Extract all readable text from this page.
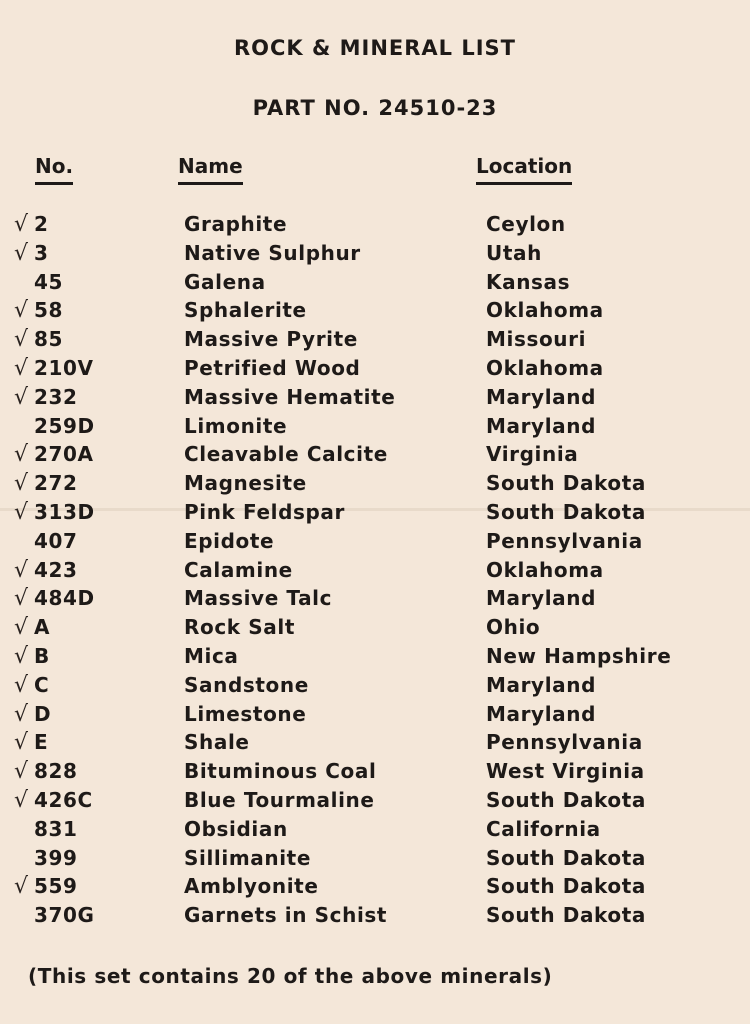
ROCK & MINERAL LIST
PART NO. 24510-23
No.	Name	Location
√ 2	Graphite	Ceylon
√ 3	Native Sulphur	Utah
45	Galena	Kansas
√ 58	Sphalerite	Oklahoma
√ 85	Massive Pyrite	Missouri
√ 210V	Petrified Wood	Oklahoma
√ 232	Massive Hematite	Maryland
259D	Limonite	Maryland
√ 270A	Cleavable Calcite	Virginia
√ 272	Magnesite	South Dakota
√ 313D	Pink Feldspar	South Dakota
407	Epidote	Pennsylvania
√ 423	Calamine	Oklahoma
√ 484D	Massive Talc	Maryland
√ A	Rock Salt	Ohio
√ B	Mica	New Hampshire
√ C	Sandstone	Maryland
√ D	Limestone	Maryland
√ E	Shale	Pennsylvania
√ 828	Bituminous Coal	West Virginia
√ 426C	Blue Tourmaline	South Dakota
831	Obsidian	California
399	Sillimanite	South Dakota
√ 559	Amblyonite	South Dakota
370G	Garnets in Schist	South Dakota
(This set contains 20 of the above minerals)
